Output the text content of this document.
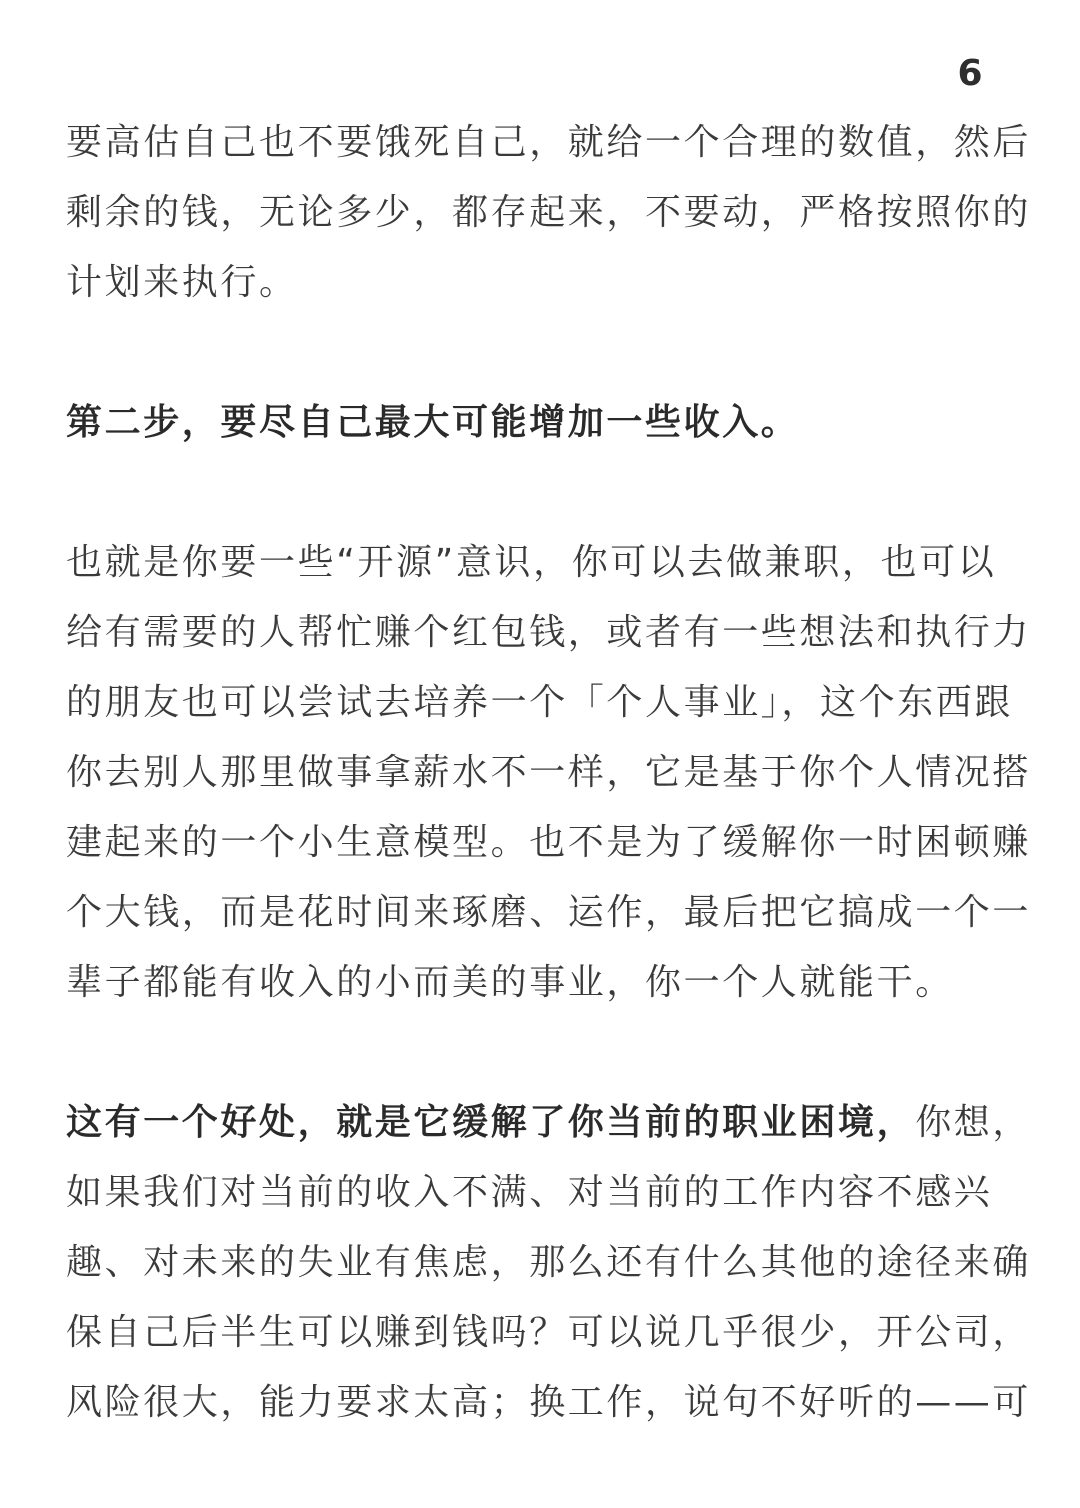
6
要高估自己也不要饿死自己，就给一个合理的数值，然后
剩余的钱，无论多少，都存起来，不要动，严格按照你的
计划来执行。
第二步，要尽自己最大可能增加一些收入。
也就是你要一些“开源”意识，你可以去做兼职，也可以
给有需要的人帮忙赚个红包钱，或者有一些想法和执行力
的朋友也可以尝试去培养一个「个人事业」，这个东西跟
你去别人那里做事拿薪水不一样，它是基于你个人情况搭
建起来的一个小生意模型。也不是为了缓解你一时困顿赚
个大钱，而是花时间来琢磨、运作，最后把它搞成一个一
辈子都能有收入的小而美的事业，你一个人就能干。
这有一个好处，就是它缓解了你当前的职业困境，你想，
如果我们对当前的收入不满、对当前的工作内容不感兴
趣、对未来的失业有焦虑，那么还有什么其他的途径来确
保自己后半生可以赚到钱吗？可以说几乎很少，开公司，
风险很大，能力要求太高；换工作，说句不好听的——可
